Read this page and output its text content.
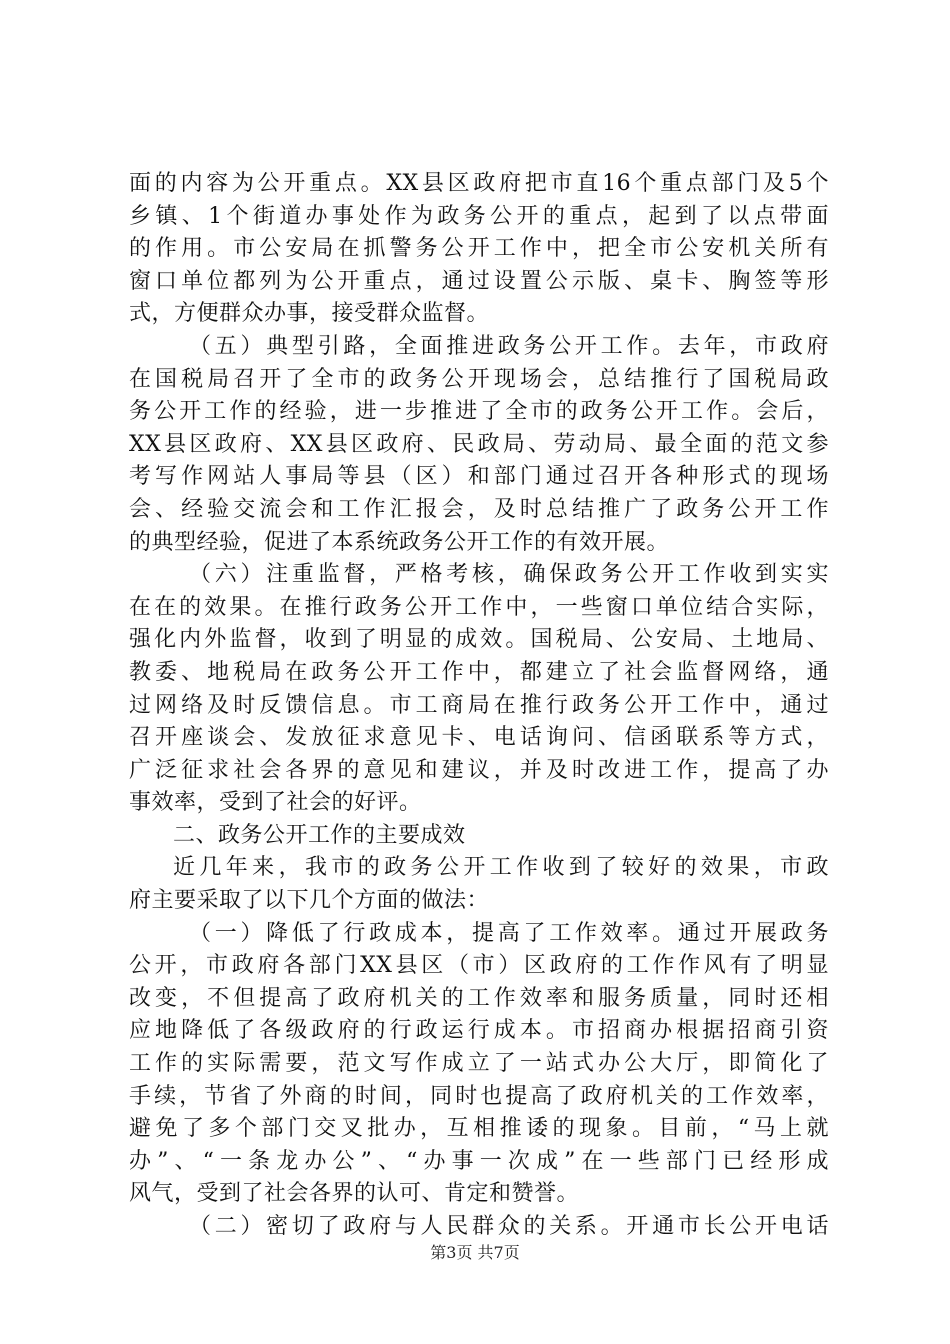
面的内容为公开重点。XX县区政府把市直16个重点部门及5个
乡镇、1个街道办事处作为政务公开的重点，起到了以点带面
的作用。市公安局在抓警务公开工作中，把全市公安机关所有
窗口单位都列为公开重点，通过设置公示版、桌卡、胸签等形
式，方便群众办事，接受群众监督。
（五）典型引路，全面推进政务公开工作。去年，市政府
在国税局召开了全市的政务公开现场会，总结推行了国税局政
务公开工作的经验，进一步推进了全市的政务公开工作。会后，
XX县区政府、XX县区政府、民政局、劳动局、最全面的范文参
考写作网站人事局等县（区）和部门通过召开各种形式的现场
会、经验交流会和工作汇报会，及时总结推广了政务公开工作
的典型经验，促进了本系统政务公开工作的有效开展。
（六）注重监督，严格考核，确保政务公开工作收到实实
在在的效果。在推行政务公开工作中，一些窗口单位结合实际，
强化内外监督，收到了明显的成效。国税局、公安局、土地局、
教委、地税局在政务公开工作中，都建立了社会监督网络，通
过网络及时反馈信息。市工商局在推行政务公开工作中，通过
召开座谈会、发放征求意见卡、电话询问、信函联系等方式，
广泛征求社会各界的意见和建议，并及时改进工作，提高了办
事效率，受到了社会的好评。
二、政务公开工作的主要成效
近几年来，我市的政务公开工作收到了较好的效果，市政
府主要采取了以下几个方面的做法：
（一）降低了行政成本，提高了工作效率。通过开展政务
公开，市政府各部门XX县区（市）区政府的工作作风有了明显
改变，不但提高了政府机关的工作效率和服务质量，同时还相
应地降低了各级政府的行政运行成本。市招商办根据招商引资
工作的实际需要，范文写作成立了一站式办公大厅，即简化了
手续，节省了外商的时间，同时也提高了政府机关的工作效率，
避免了多个部门交叉批办，互相推诿的现象。目前，“马上就
办”、“一条龙办公”、“办事一次成”在一些部门已经形成
风气，受到了社会各界的认可、肯定和赞誉。
（二）密切了政府与人民群众的关系。开通市长公开电话
第3页 共7页
